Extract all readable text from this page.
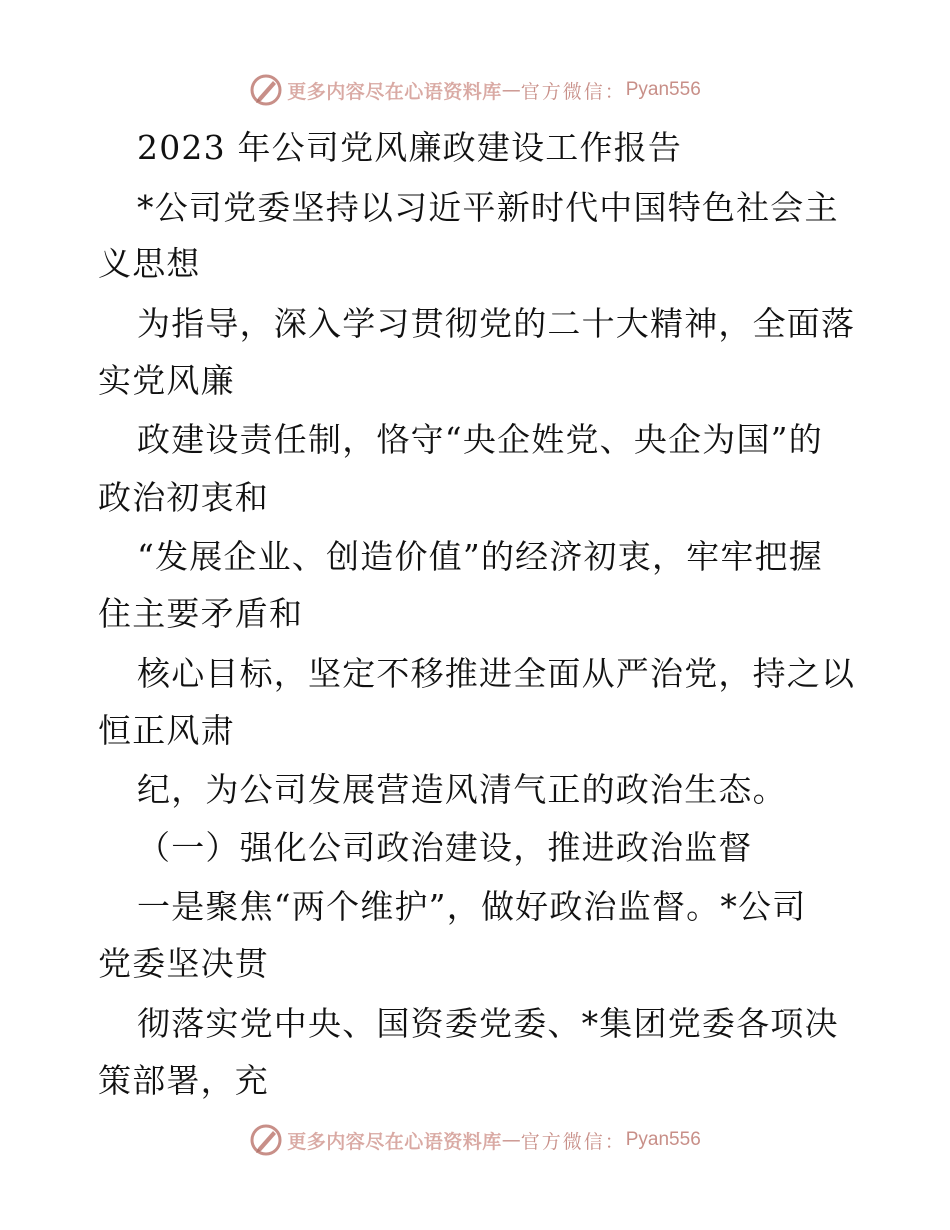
更多内容尽在心语资料库 — 官方微信： Pyan556
2023 年公司党风廉政建设工作报告
*公司党委坚持以习近平新时代中国特色社会主
义思想
为指导，深入学习贯彻党的二十大精神，全面落
实党风廉
政建设责任制，恪守“央企姓党、央企为国”的
政治初衷和
“发展企业、创造价值”的经济初衷，牢牢把握
住主要矛盾和
核心目标，坚定不移推进全面从严治党，持之以
恒正风肃
纪，为公司发展营造风清气正的政治生态。
（一）强化公司政治建设，推进政治监督
一是聚焦“两个维护”，做好政治监督。*公司
党委坚决贯
彻落实党中央、国资委党委、*集团党委各项决
策部署，充
更多内容尽在心语资料库 — 官方微信： Pyan556
